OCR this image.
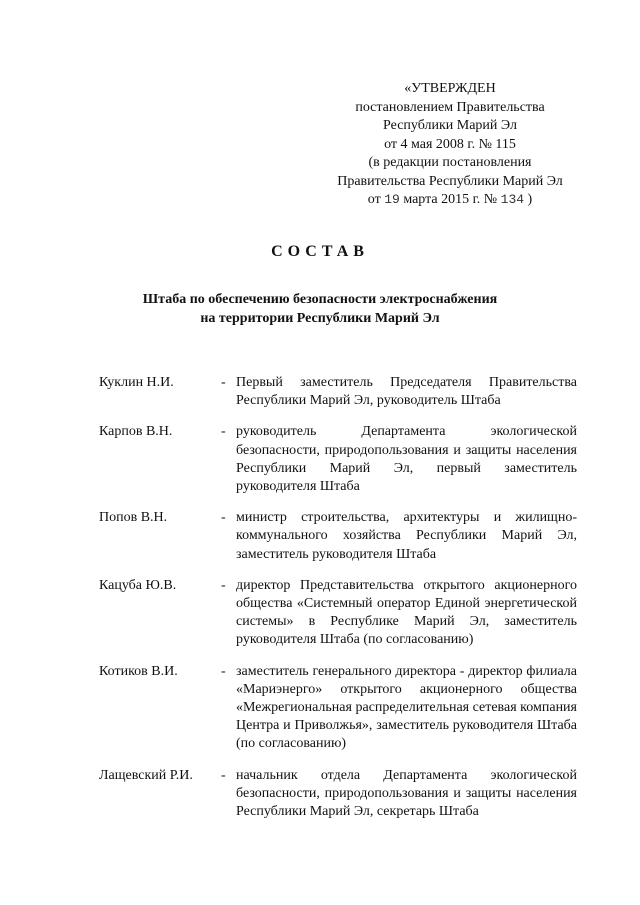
«УТВЕРЖДЕН
постановлением Правительства
Республики Марий Эл
от 4 мая 2008 г. № 115
(в редакции постановления
Правительства Республики Марий Эл
от 19 марта 2015 г. № 134 )
СОСТАВ
Штаба по обеспечению безопасности электроснабжения
на территории Республики Марий Эл
Куклин Н.И.	- Первый заместитель Председателя Правительства Республики Марий Эл, руководитель Штаба
Карпов В.Н.	- руководитель Департамента экологической безопасности, природопользования и защиты населения Республики Марий Эл, первый заместитель руководителя Штаба
Попов В.Н.	- министр строительства, архитектуры и жилищно-коммунального хозяйства Республики Марий Эл, заместитель руководителя Штаба
Кацуба Ю.В.	- директор Представительства открытого акционерного общества «Системный оператор Единой энергетической системы» в Республике Марий Эл, заместитель руководителя Штаба (по согласованию)
Котиков В.И.	- заместитель генерального директора - директор филиала «Мариэнерго» открытого акционерного общества «Межрегиональная распределительная сетевая компания Центра и Приволжья», заместитель руководителя Штаба (по согласованию)
Лащевский Р.И.	- начальник отдела Департамента экологической безопасности, природопользования и защиты населения Республики Марий Эл, секретарь Штаба
